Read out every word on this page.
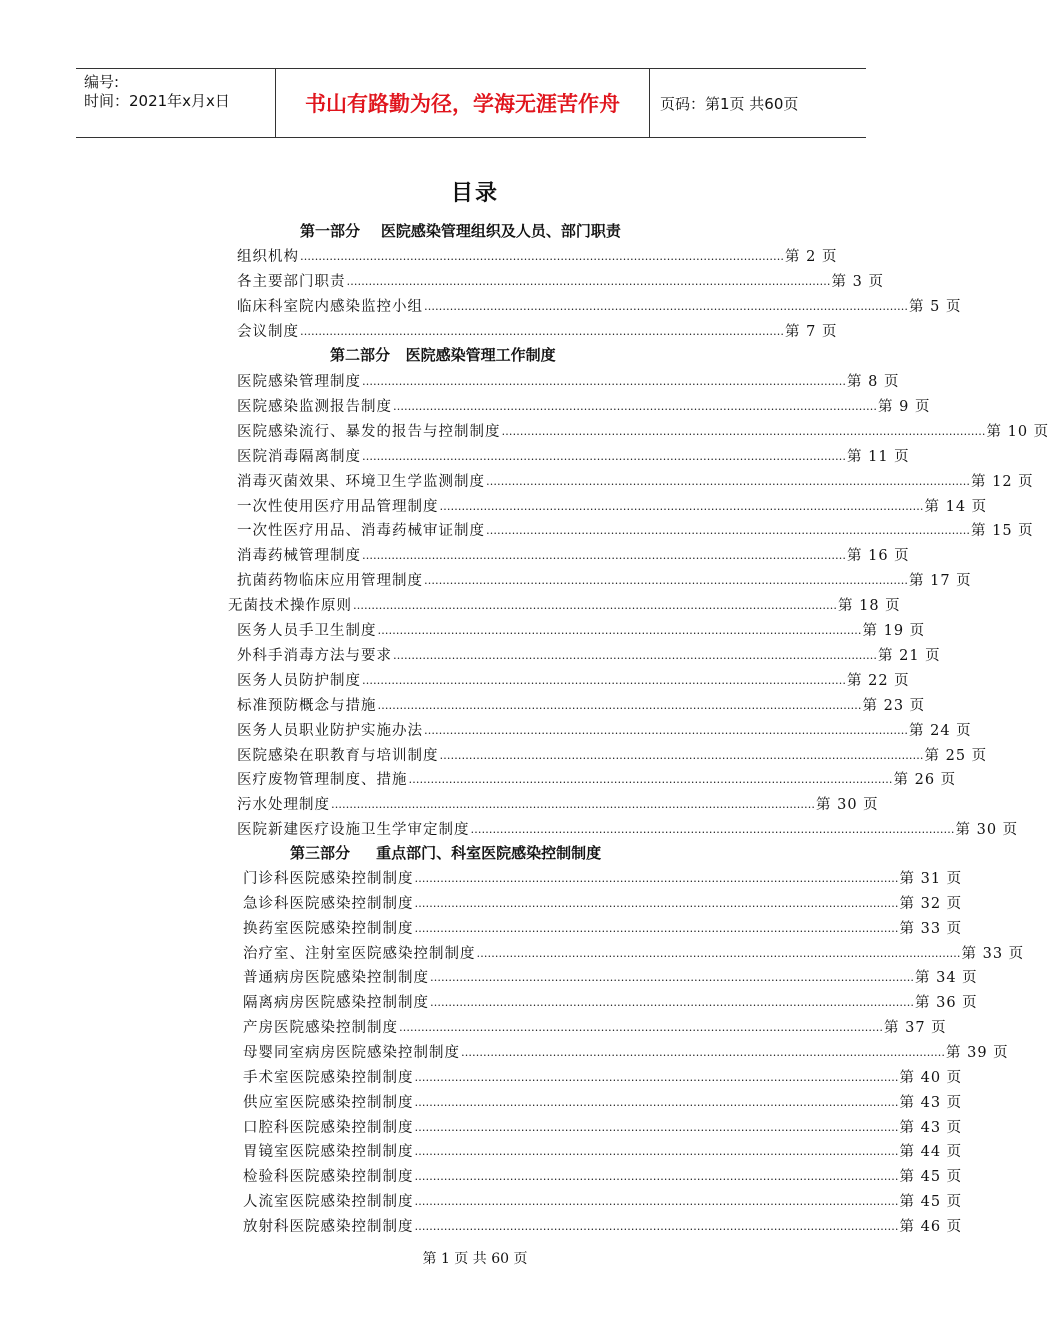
编号:
时间：2021年x月x日	书山有路勤为径，学海无涯苦作舟	页码：第1页 共60页
目录
第一部分    医院感染管理组织及人员、部门职责
组织机构 …………………………………………………………………………………………………………………… 第 2 页
各主要部门职责 …………………………………………………………………………………………………………………… 第 3 页
临床科室院内感染监控小组 …………………………………………………………………………………………………………………… 第 5 页
会议制度 …………………………………………………………………………………………………………………… 第 7 页
第二部分   医院感染管理工作制度
医院感染管理制度 …………………………………………………………………………………………………………………… 第 8 页
医院感染监测报告制度 …………………………………………………………………………………………………………………… 第 9 页
医院感染流行、暴发的报告与控制制度 …………………………………………………………………………………………………………………… 第 10 页
医院消毒隔离制度 …………………………………………………………………………………………………………………… 第 11 页
消毒灭菌效果、环境卫生学监测制度 …………………………………………………………………………………………………………………… 第 12 页
一次性使用医疗用品管理制度 …………………………………………………………………………………………………………………… 第 14 页
一次性医疗用品、消毒药械审证制度 …………………………………………………………………………………………………………………… 第 15 页
消毒药械管理制度 …………………………………………………………………………………………………………………… 第 16 页
抗菌药物临床应用管理制度 …………………………………………………………………………………………………………………… 第 17 页
无菌技术操作原则 …………………………………………………………………………………………………………………… 第 18 页
医务人员手卫生制度 …………………………………………………………………………………………………………………… 第 19 页
外科手消毒方法与要求 …………………………………………………………………………………………………………………… 第 21 页
医务人员防护制度 …………………………………………………………………………………………………………………… 第 22 页
标准预防概念与措施 …………………………………………………………………………………………………………………… 第 23 页
医务人员职业防护实施办法 …………………………………………………………………………………………………………………… 第 24 页
医院感染在职教育与培训制度 …………………………………………………………………………………………………………………… 第 25 页
医疗废物管理制度、措施 …………………………………………………………………………………………………………………… 第 26 页
污水处理制度 …………………………………………………………………………………………………………………… 第 30 页
医院新建医疗设施卫生学审定制度 …………………………………………………………………………………………………………………… 第 30 页
第三部分     重点部门、科室医院感染控制制度
门诊科医院感染控制制度 …………………………………………………………………………………………………………………… 第 31 页
急诊科医院感染控制制度 …………………………………………………………………………………………………………………… 第 32 页
换药室医院感染控制制度 …………………………………………………………………………………………………………………… 第 33 页
治疗室、注射室医院感染控制制度 …………………………………………………………………………………………………………………… 第 33 页
普通病房医院感染控制制度 …………………………………………………………………………………………………………………… 第 34 页
隔离病房医院感染控制制度 …………………………………………………………………………………………………………………… 第 36 页
产房医院感染控制制度 …………………………………………………………………………………………………………………… 第 37 页
母婴同室病房医院感染控制制度 …………………………………………………………………………………………………………………… 第 39 页
手术室医院感染控制制度 …………………………………………………………………………………………………………………… 第 40 页
供应室医院感染控制制度 …………………………………………………………………………………………………………………… 第 43 页
口腔科医院感染控制制度 …………………………………………………………………………………………………………………… 第 43 页
胃镜室医院感染控制制度 …………………………………………………………………………………………………………………… 第 44 页
检验科医院感染控制制度 …………………………………………………………………………………………………………………… 第 45 页
人流室医院感染控制制度 …………………………………………………………………………………………………………………… 第 45 页
放射科医院感染控制制度 …………………………………………………………………………………………………………………… 第 46 页
第 1 页 共 60 页
